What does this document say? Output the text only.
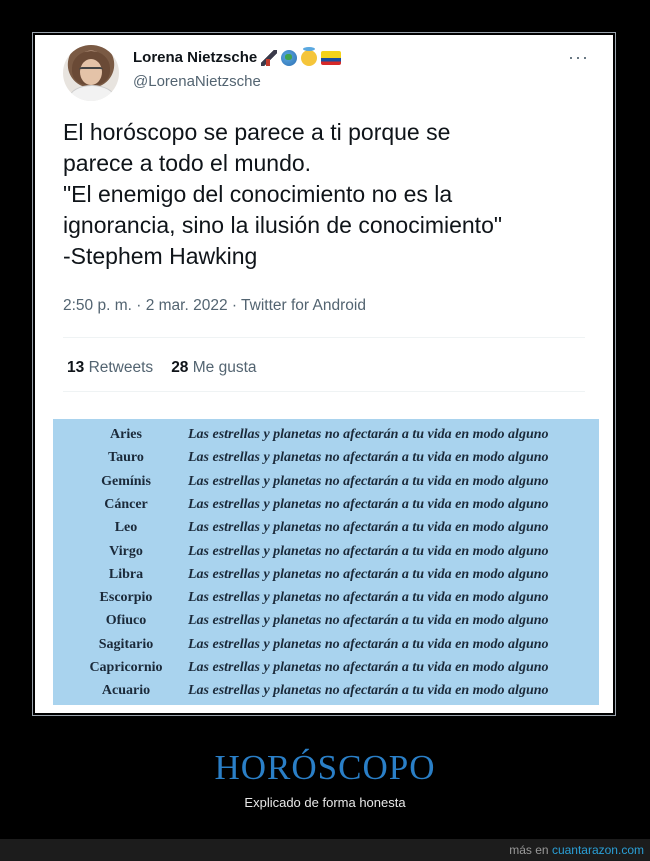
Lorena Nietzsche
@LorenaNietzsche
···
El horóscopo se parece a ti porque se
parece a todo el mundo.
"El enemigo del conocimiento no es la
ignorancia, sino la ilusión de conocimiento"
-Stephem Hawking
2:50 p. m. · 2 mar. 2022 · Twitter for Android
13 Retweets 28 Me gusta
Aries	Las estrellas y planetas no afectarán a tu vida en modo alguno
Tauro	Las estrellas y planetas no afectarán a tu vida en modo alguno
Gemínis	Las estrellas y planetas no afectarán a tu vida en modo alguno
Cáncer	Las estrellas y planetas no afectarán a tu vida en modo alguno
Leo	Las estrellas y planetas no afectarán a tu vida en modo alguno
Virgo	Las estrellas y planetas no afectarán a tu vida en modo alguno
Libra	Las estrellas y planetas no afectarán a tu vida en modo alguno
Escorpio	Las estrellas y planetas no afectarán a tu vida en modo alguno
Ofiuco	Las estrellas y planetas no afectarán a tu vida en modo alguno
Sagitario	Las estrellas y planetas no afectarán a tu vida en modo alguno
Capricornio	Las estrellas y planetas no afectarán a tu vida en modo alguno
Acuario	Las estrellas y planetas no afectarán a tu vida en modo alguno
HORÓSCOPO
Explicado de forma honesta
más en cuantarazon.com
